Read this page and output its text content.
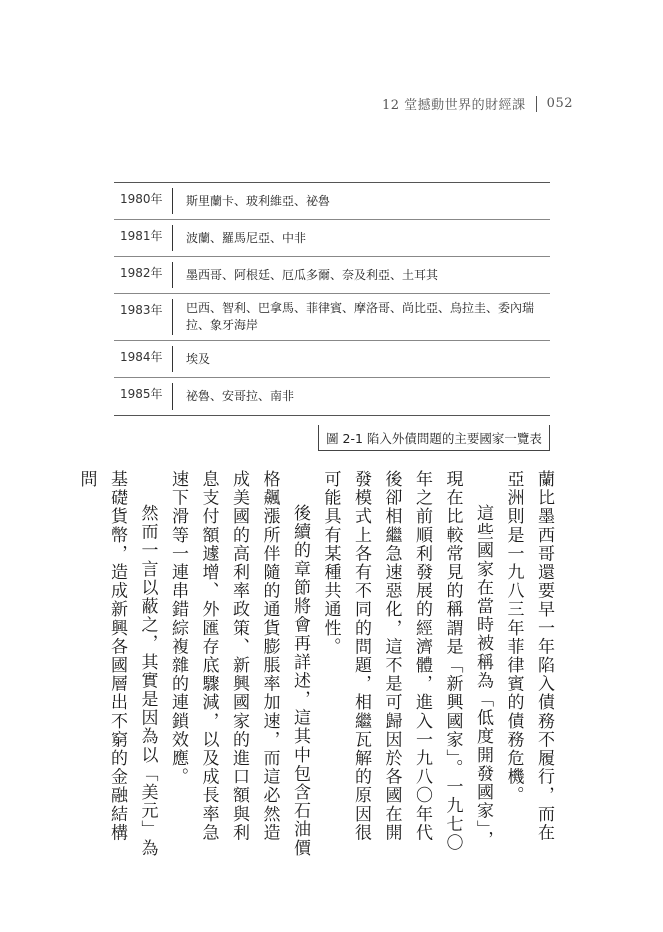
12 堂撼動世界的財經課 052
1980年	斯里蘭卡、玻利維亞、祕魯
1981年	波蘭、羅馬尼亞、中非
1982年	墨西哥、阿根廷、厄瓜多爾、奈及利亞、土耳其
1983年	巴西、智利、巴拿馬、菲律賓、摩洛哥、尚比亞、烏拉圭、委內瑞拉、象牙海岸
1984年	埃及
1985年	祕魯、安哥拉、南非
圖 2-1 陷入外債問題的主要國家一覽表

蘭比墨西哥還要早一年陷入債務不履行，而在亞洲則是一九八三年菲律賓的債務危機。

這些國家在當時被稱為「低度開發國家」，現在比較常見的稱謂是「新興國家」。一九七〇年之前順利發展的經濟體，進入一九八〇年代後卻相繼急速惡化，這不是可歸因於各國在開發模式上各有不同的問題，相繼瓦解的原因很可能具有某種共通性。

後續的章節將會再詳述，這其中包含石油價格飆漲所伴隨的通貨膨脹率加速，而這必然造成美國的高利率政策、新興國家的進口額與利息支付額遽增、外匯存底驟減，以及成長率急速下滑等一連串錯綜複雜的連鎖效應。

然而一言以蔽之，其實是因為以「美元」為基礎貨幣，造成新興各國層出不窮的金融結構問
